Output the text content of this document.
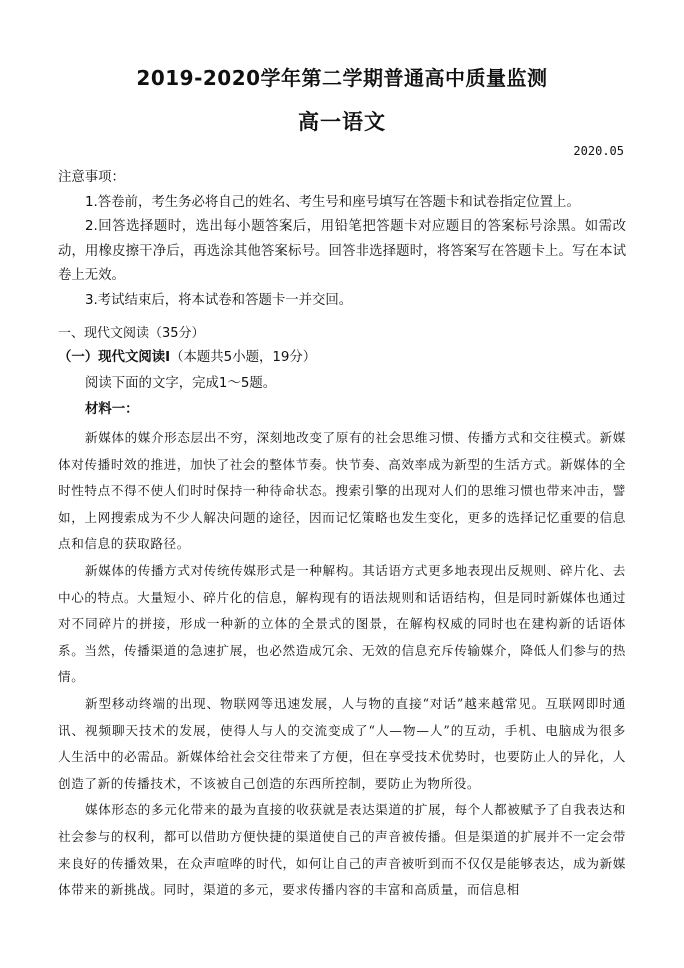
2019-2020学年第二学期普通高中质量监测
高一语文
2020.05

注意事项：

1.答卷前，考生务必将自己的姓名、考生号和座号填写在答题卡和试卷指定位置上。

2.回答选择题时，选出每小题答案后，用铅笔把答题卡对应题目的答案标号涂黑。如需改动，用橡皮擦干净后，再选涂其他答案标号。回答非选择题时，将答案写在答题卡上。写在本试卷上无效。

3.考试结束后，将本试卷和答题卡一并交回。

一、现代文阅读（35分）
（一）现代文阅读Ⅰ（本题共5小题，19分）
阅读下面的文字，完成1～5题。
材料一：

新媒体的媒介形态层出不穷，深刻地改变了原有的社会思维习惯、传播方式和交往模式。新媒体对传播时效的推进，加快了社会的整体节奏。快节奏、高效率成为新型的生活方式。新媒体的全时性特点不得不使人们时时保持一种待命状态。搜索引擎的出现对人们的思维习惯也带来冲击，譬如，上网搜索成为不少人解决问题的途径，因而记忆策略也发生变化，更多的选择记忆重要的信息点和信息的获取路径。

新媒体的传播方式对传统传媒形式是一种解构。其话语方式更多地表现出反规则、碎片化、去中心的特点。大量短小、碎片化的信息，解构现有的语法规则和话语结构，但是同时新媒体也通过对不同碎片的拼接，形成一种新的立体的全景式的图景，在解构权威的同时也在建构新的话语体系。当然，传播渠道的急速扩展，也必然造成冗余、无效的信息充斥传输媒介，降低人们参与的热情。

新型移动终端的出现、物联网等迅速发展，人与物的直接“对话”越来越常见。互联网即时通讯、视频聊天技术的发展，使得人与人的交流变成了“人—物—人”的互动，手机、电脑成为很多人生活中的必需品。新媒体给社会交往带来了方便，但在享受技术优势时，也要防止人的异化，人创造了新的传播技术，不该被自己创造的东西所控制，要防止为物所役。

媒体形态的多元化带来的最为直接的收获就是表达渠道的扩展，每个人都被赋予了自我表达和社会参与的权利，都可以借助方便快捷的渠道使自己的声音被传播。但是渠道的扩展并不一定会带来良好的传播效果，在众声喧哗的时代，如何让自己的声音被听到而不仅仅是能够表达，成为新媒体带来的新挑战。同时，渠道的多元，要求传播内容的丰富和高质量，而信息相
